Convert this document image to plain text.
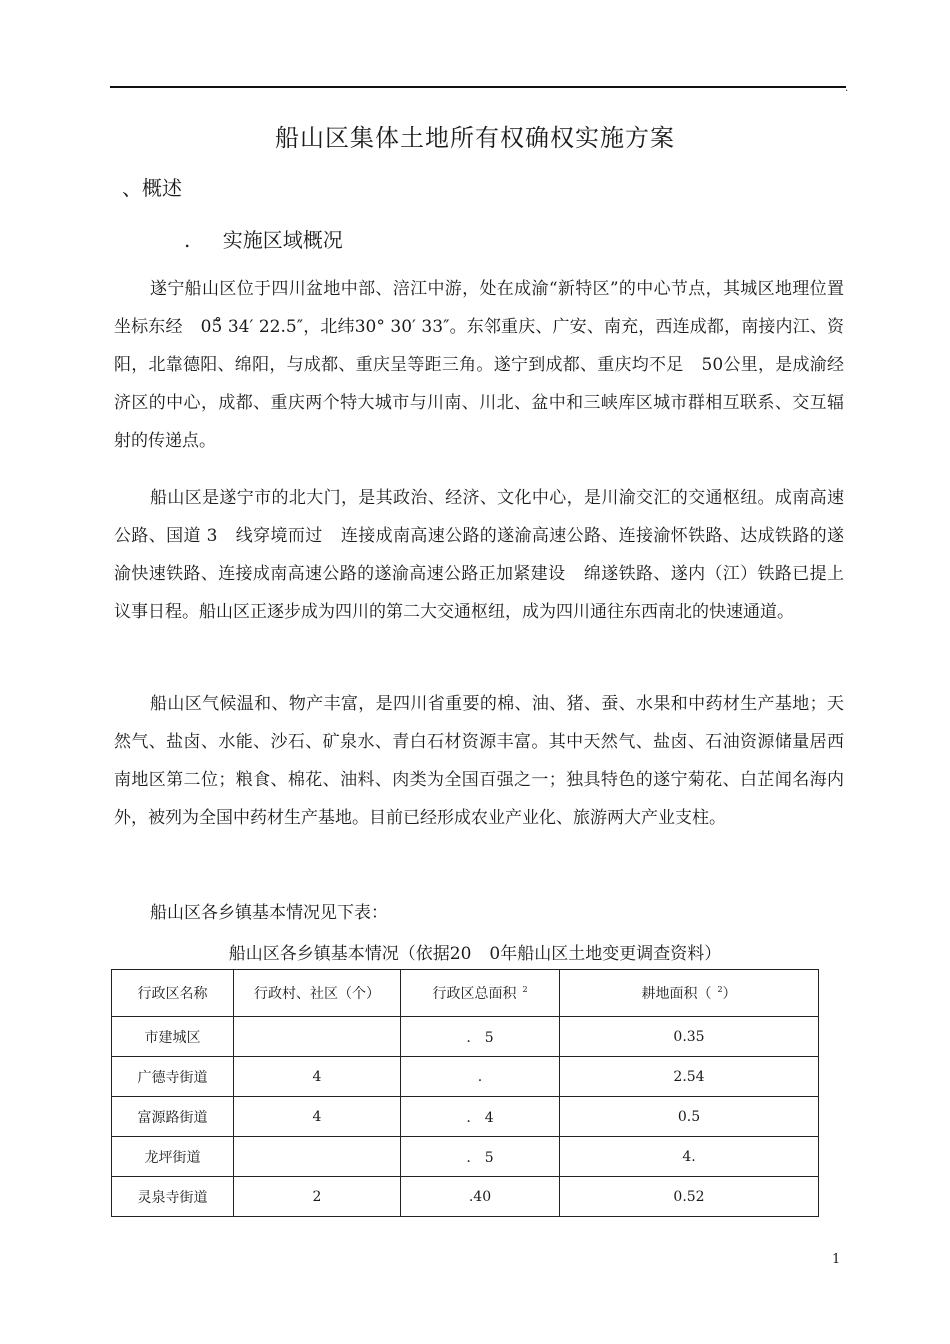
.
船山区集体土地所有权确权实施方案
、概述
. 实施区域概况

遂宁船山区位于四川盆地中部、涪江中游，处在成渝“新特区”的中心节点，其城区地理位置坐标东经 05̊ 34′ 22.5″，北纬30° 30′ 33″。东邻重庆、广安、南充，西连成都，南接内江、资阳，北靠德阳、绵阳，与成都、重庆呈等距三角。遂宁到成都、重庆均不足 50公里，是成渝经济区的中心，成都、重庆两个特大城市与川南、川北、盆中和三峡库区城市群相互联系、交互辐射的传递点。

船山区是遂宁市的北大门，是其政治、经济、文化中心，是川渝交汇的交通枢纽。成南高速公路、国道 3 线穿境而过 连接成南高速公路的遂渝高速公路、连接渝怀铁路、达成铁路的遂渝快速铁路、连接成南高速公路的遂渝高速公路正加紧建设 绵遂铁路、遂内（江）铁路已提上议事日程。船山区正逐步成为四川的第二大交通枢纽，成为四川通往东西南北的快速通道。

船山区气候温和、物产丰富，是四川省重要的棉、油、猪、蚕、水果和中药材生产基地；天然气、盐卤、水能、沙石、矿泉水、青白石材资源丰富。其中天然气、盐卤、石油资源储量居西南地区第二位；粮食、棉花、油料、肉类为全国百强之一；独具特色的遂宁菊花、白芷闻名海内外，被列为全国中药材生产基地。目前已经形成农业产业化、旅游两大产业支柱。

船山区各乡镇基本情况见下表：

船山区各乡镇基本情况（依据20 0年船山区土地变更调查资料）
行政区名称	行政村、社区（个）	行政区总面积 $^2$	耕地面积（ $^2$）
市建城区		.　5	0.35
广德寺街道	4	.	2.54
富源路街道	4	.　4	0.5
龙坪街道		.　5	4.
灵泉寺街道	2	.40	0.52
1
